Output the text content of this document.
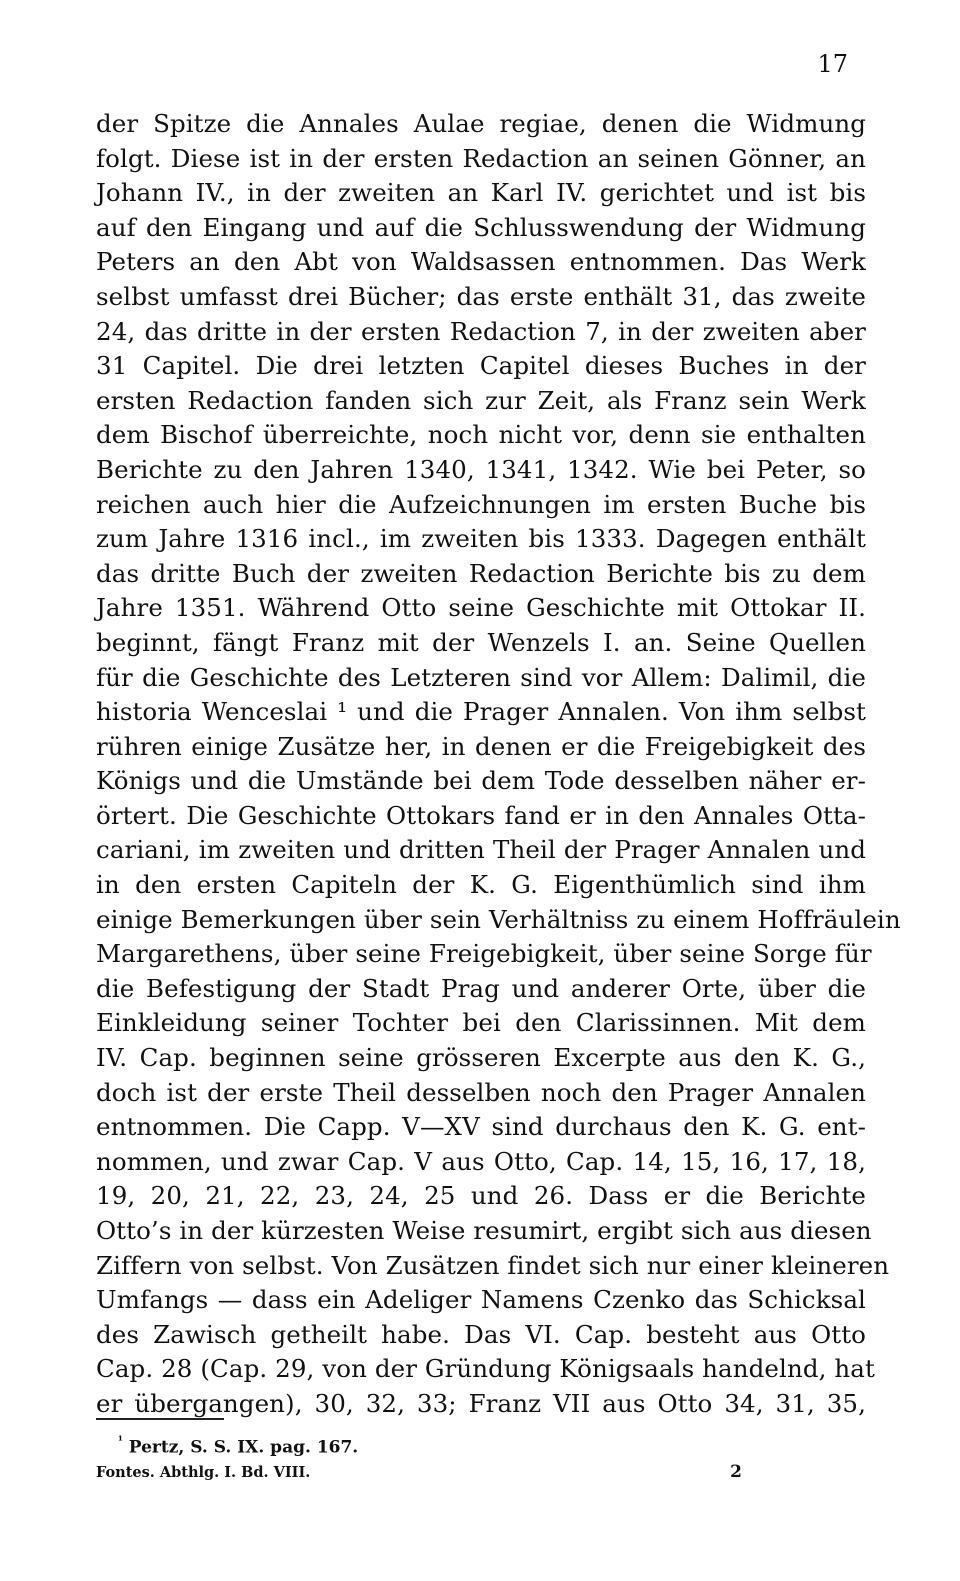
17
der Spitze die Annales Aulae regiae, denen die Widmung
folgt. Diese ist in der ersten Redaction an seinen Gönner, an
Johann IV., in der zweiten an Karl IV. gerichtet und ist bis
auf den Eingang und auf die Schlusswendung der Widmung
Peters an den Abt von Waldsassen entnommen. Das Werk
selbst umfasst drei Bücher; das erste enthält 31, das zweite
24, das dritte in der ersten Redaction 7, in der zweiten aber
31 Capitel. Die drei letzten Capitel dieses Buches in der
ersten Redaction fanden sich zur Zeit, als Franz sein Werk
dem Bischof überreichte, noch nicht vor, denn sie enthalten
Berichte zu den Jahren 1340, 1341, 1342. Wie bei Peter, so
reichen auch hier die Aufzeichnungen im ersten Buche bis
zum Jahre 1316 incl., im zweiten bis 1333. Dagegen enthält
das dritte Buch der zweiten Redaction Berichte bis zu dem
Jahre 1351. Während Otto seine Geschichte mit Ottokar II.
beginnt, fängt Franz mit der Wenzels I. an. Seine Quellen
für die Geschichte des Letzteren sind vor Allem: Dalimil, die
historia Wenceslai ¹ und die Prager Annalen. Von ihm selbst
rühren einige Zusätze her, in denen er die Freigebigkeit des
Königs und die Umstände bei dem Tode desselben näher er-
örtert. Die Geschichte Ottokars fand er in den Annales Otta-
cariani, im zweiten und dritten Theil der Prager Annalen und
in den ersten Capiteln der K. G. Eigenthümlich sind ihm
einige Bemerkungen über sein Verhältniss zu einem Hoffräulein
Margarethens, über seine Freigebigkeit, über seine Sorge für
die Befestigung der Stadt Prag und anderer Orte, über die
Einkleidung seiner Tochter bei den Clarissinnen. Mit dem
IV. Cap. beginnen seine grösseren Excerpte aus den K. G.,
doch ist der erste Theil desselben noch den Prager Annalen
entnommen. Die Capp. V—XV sind durchaus den K. G. ent-
nommen, und zwar Cap. V aus Otto, Cap. 14, 15, 16, 17, 18,
19, 20, 21, 22, 23, 24, 25 und 26. Dass er die Berichte
Otto’s in der kürzesten Weise resumirt, ergibt sich aus diesen
Ziffern von selbst. Von Zusätzen findet sich nur einer kleineren
Umfangs — dass ein Adeliger Namens Czenko das Schicksal
des Zawisch getheilt habe. Das VI. Cap. besteht aus Otto
Cap. 28 (Cap. 29, von der Gründung Königsaals handelnd, hat
er übergangen), 30, 32, 33; Franz VII aus Otto 34, 31, 35,
$^{^1}$ Pertz, S. S. IX. pag. 167.
Fontes. Abthlg. I. Bd. VIII.	2
